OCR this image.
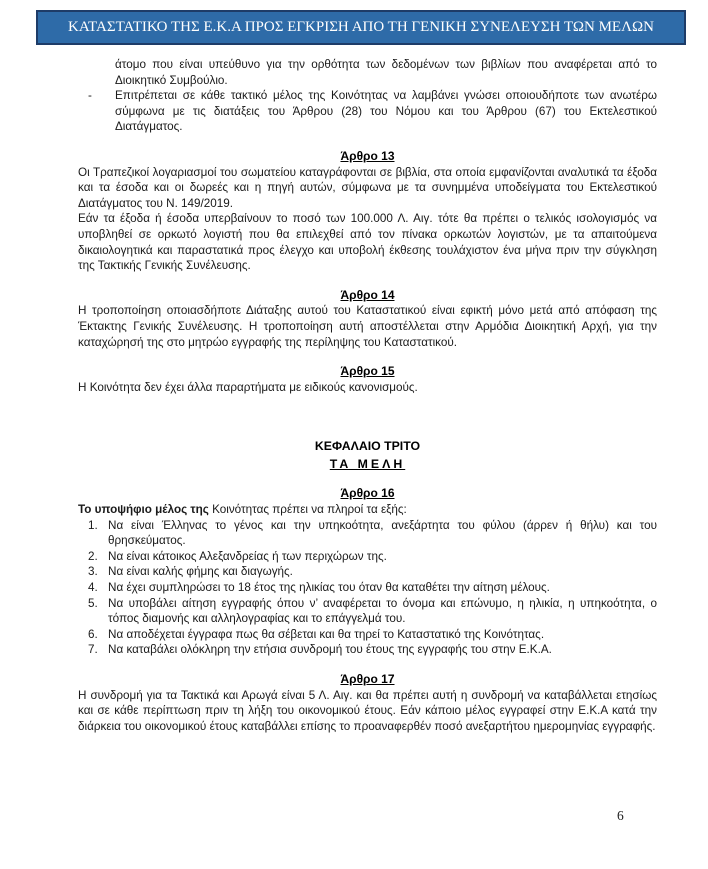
ΚΑΤΑΣΤΑΤΙΚΟ ΤΗΣ Ε.Κ.Α ΠΡΟΣ ΕΓΚΡΙΣΗ ΑΠΟ ΤΗ ΓΕΝΙΚΗ ΣΥΝΕΛΕΥΣΗ ΤΩΝ ΜΕΛΩΝ
άτομο που είναι υπεύθυνο για την ορθότητα των δεδομένων των βιβλίων που αναφέρεται από το Διοικητικό Συμβούλιο.
- Επιτρέπεται σε κάθε τακτικό μέλος της Κοινότητας να λαμβάνει γνώσει οποιουδήποτε των ανωτέρω σύμφωνα με τις διατάξεις του Άρθρου (28) του Νόμου και του Άρθρου (67) του Εκτελεστικού Διατάγματος.
Άρθρο 13

Οι Τραπεζικοί λογαριασμοί του σωματείου καταγράφονται σε βιβλία, στα οποία εμφανίζονται αναλυτικά τα έξοδα και τα έσοδα και οι δωρεές και η πηγή αυτών, σύμφωνα με τα συνημμένα υποδείγματα του Εκτελεστικού Διατάγματος του Ν. 149/2019.

Εάν τα έξοδα ή έσοδα υπερβαίνουν το ποσό των 100.000 Λ. Αιγ. τότε θα πρέπει ο τελικός ισολογισμός να υποβληθεί σε ορκωτό λογιστή που θα επιλεχθεί από τον πίνακα ορκωτών λογιστών, με τα απαιτούμενα δικαιολογητικά και παραστατικά προς έλεγχο και υποβολή έκθεσης τουλάχιστον ένα μήνα πριν την σύγκληση της Τακτικής Γενικής Συνέλευσης.

Άρθρο 14

Η τροποποίηση οποιασδήποτε Διάταξης αυτού του Καταστατικού είναι εφικτή μόνο μετά από απόφαση της Έκτακτης Γενικής Συνέλευσης. Η τροποποίηση αυτή αποστέλλεται στην Αρμόδια Διοικητική Αρχή, για την καταχώρησή της στο μητρώο εγγραφής της περίληψης του Καταστατικού.

Άρθρο 15

Η Κοινότητα δεν έχει άλλα παραρτήματα με ειδικούς κανονισμούς.

ΚΕΦΑΛΑΙΟ ΤΡΙΤΟ
ΤΑ ΜΕΛΗ
Άρθρο 16

Το υποψήφιο μέλος της Κοινότητας πρέπει να πληροί τα εξής:

1. Να είναι Έλληνας το γένος και την υπηκοότητα, ανεξάρτητα του φύλου (άρρεν ή θήλυ) και του θρησκεύματος.
2. Να είναι κάτοικος Αλεξανδρείας ή των περιχώρων της.
3. Να είναι καλής φήμης και διαγωγής.
4. Να έχει συμπληρώσει το 18 έτος της ηλικίας του όταν θα καταθέτει την αίτηση μέλους.
5. Να υποβάλει αίτηση εγγραφής όπου ν’ αναφέρεται το όνομα και επώνυμο, η ηλικία, η υπηκοότητα, ο τόπος διαμονής και αλληλογραφίας και το επάγγελμά του.
6. Να αποδέχεται έγγραφα πως θα σέβεται και θα τηρεί το Καταστατικό της Κοινότητας.
7. Να καταβάλει ολόκληρη την ετήσια συνδρομή του έτους της εγγραφής του στην Ε.Κ.Α.
Άρθρο 17

Η συνδρομή για τα Τακτικά και Αρωγά είναι 5 Λ. Αιγ. και θα πρέπει αυτή η συνδρομή να καταβάλλεται ετησίως και σε κάθε περίπτωση πριν τη λήξη του οικονομικού έτους. Εάν κάποιο μέλος εγγραφεί στην Ε.Κ.Α κατά την διάρκεια του οικονομικού έτους καταβάλλει επίσης το προαναφερθέν ποσό ανεξαρτήτου ημερομηνίας εγγραφής.

6
